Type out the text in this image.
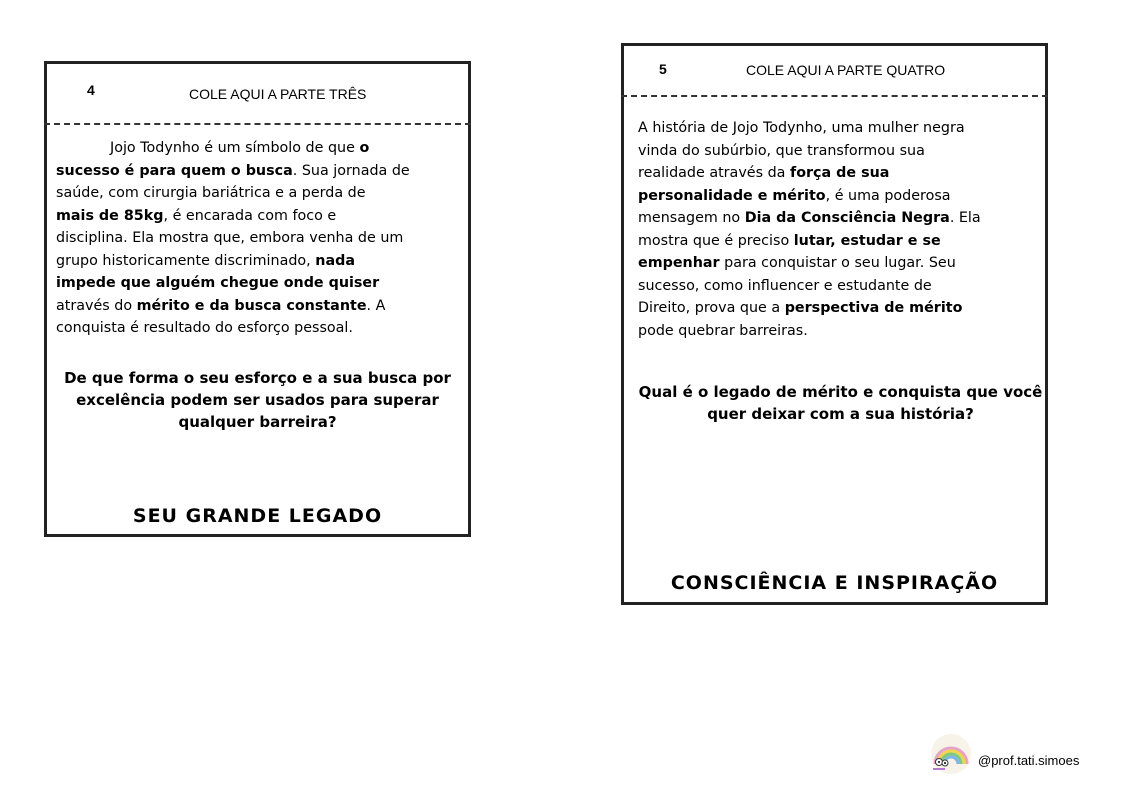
4	COLE AQUI A PARTE TRÊS
Jojo Todynho é um símbolo de que o
sucesso é para quem o busca. Sua jornada de
saúde, com cirurgia bariátrica e a perda de
mais de 85kg, é encarada com foco e
disciplina. Ela mostra que, embora venha de um
grupo historicamente discriminado, nada
impede que alguém chegue onde quiser
através do mérito e da busca constante. A
conquista é resultado do esforço pessoal.
De que forma o seu esforço e a sua busca por excelência podem ser usados para superar qualquer barreira?
SEU GRANDE LEGADO
5	COLE AQUI A PARTE QUATRO
A história de Jojo Todynho, uma mulher negra
vinda do subúrbio, que transformou sua
realidade através da força de sua
personalidade e mérito, é uma poderosa
mensagem no Dia da Consciência Negra. Ela
mostra que é preciso lutar, estudar e se
empenhar para conquistar o seu lugar. Seu
sucesso, como influencer e estudante de
Direito, prova que a perspectiva de mérito
pode quebrar barreiras.
Qual é o legado de mérito e conquista que você quer deixar com a sua história?
CONSCIÊNCIA E INSPIRAÇÃO
@prof.tati.simoes
